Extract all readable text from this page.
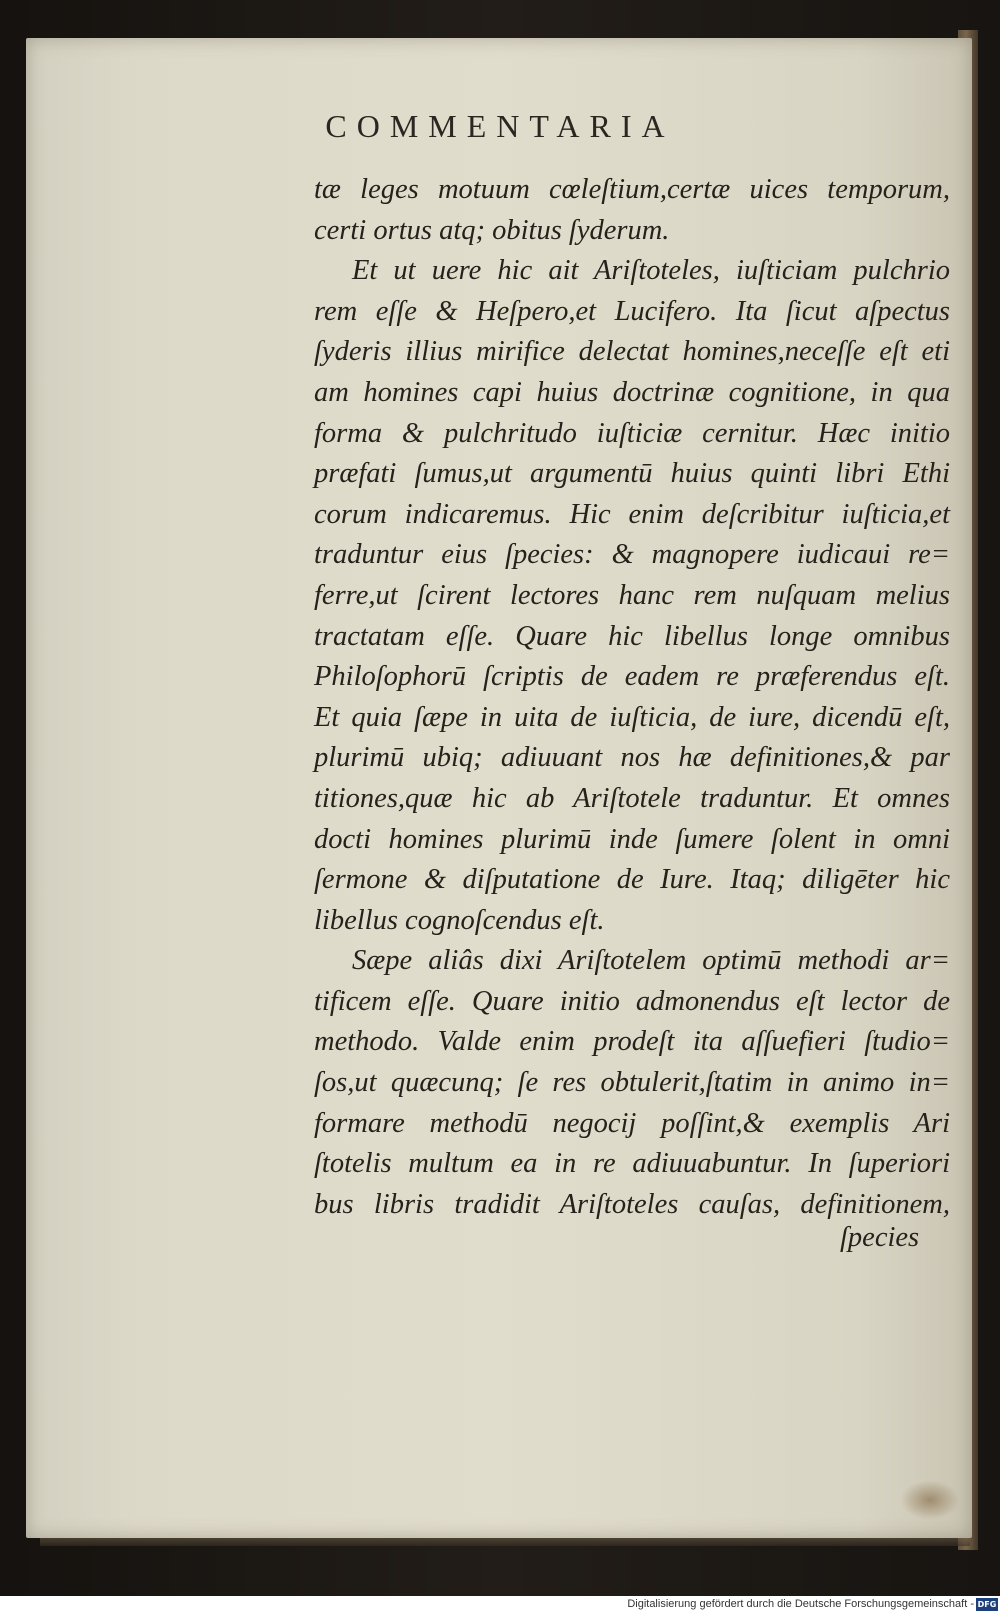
COMMENTARIA
tæ leges motuum cœleſtium,certæ uices temporum,
certi ortus atq; obitus ſyderum.
Et ut uere hic ait Ariſtoteles, iuſticiam pulchrio
rem eſſe & Heſpero,et Lucifero. Ita ſicut aſpectus
ſyderis illius mirifice delectat homines,neceſſe eſt eti
am homines capi huius doctrinæ cognitione, in qua
forma & pulchritudo iuſticiæ cernitur. Hæc initio
præfati ſumus,ut argumentū huius quinti libri Ethi
corum indicaremus. Hic enim deſcribitur iuſticia,et
traduntur eius ſpecies: & magnopere iudicaui re=
ferre,ut ſcirent lectores hanc rem nuſquam melius
tractatam eſſe. Quare hic libellus longe omnibus
Philoſophorū ſcriptis de eadem re præferendus eſt.
Et quia ſæpe in uita de iuſticia, de iure, dicendū eſt,
plurimū ubiq; adiuuant nos hæ definitiones,& par
titiones,quæ hic ab Ariſtotele traduntur. Et omnes
docti homines plurimū inde ſumere ſolent in omni
ſermone & diſputatione de Iure. Itaq; diligēter hic
libellus cognoſcendus eſt.
Sæpe aliâs dixi Ariſtotelem optimū methodi ar=
tificem eſſe. Quare initio admonendus eſt lector de
methodo. Valde enim prodeſt ita aſſuefieri ſtudio=
ſos,ut quæcunq; ſe res obtulerit,ſtatim in animo in=
formare methodū negocij poſſint,& exemplis Ari
ſtotelis multum ea in re adiuuabuntur. In ſuperiori
bus libris tradidit Ariſtoteles cauſas, definitionem,
ſpecies
Digitalisierung gefördert durch die Deutsche Forschungsgemeinschaft - DFG
